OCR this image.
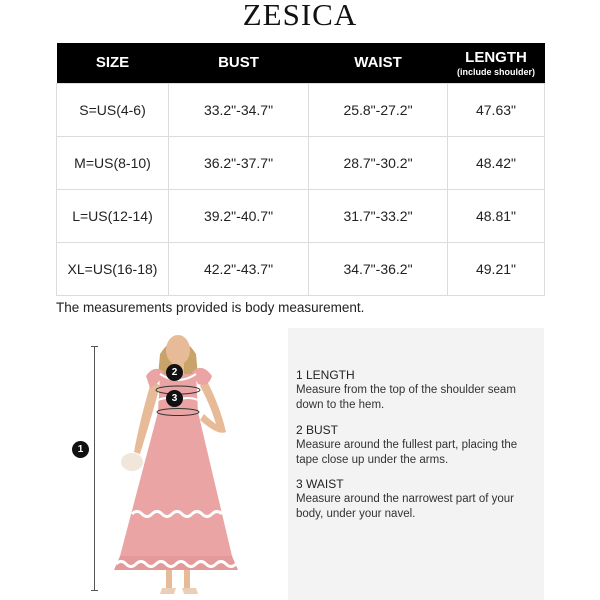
ZESICA
SIZE	BUST	WAIST	LENGTH
(include shoulder)

S=US(4-6)	33.2"-34.7"	25.8"-27.2"	47.63"
M=US(8-10)	36.2"-37.7"	28.7"-30.2"	48.42"
L=US(12-14)	39.2"-40.7"	31.7"-33.2"	48.81"
XL=US(16-18)	42.2"-43.7"	34.7"-36.2"	49.21"
The measurements provided is body measurement.
1
2
3
1 LENGTH
Measure from the top of the shoulder seam down to the hem.
2 BUST
Measure around the fullest part, placing the tape close up under the arms.
3 WAIST
Measure around the narrowest part of your body, under your navel.
